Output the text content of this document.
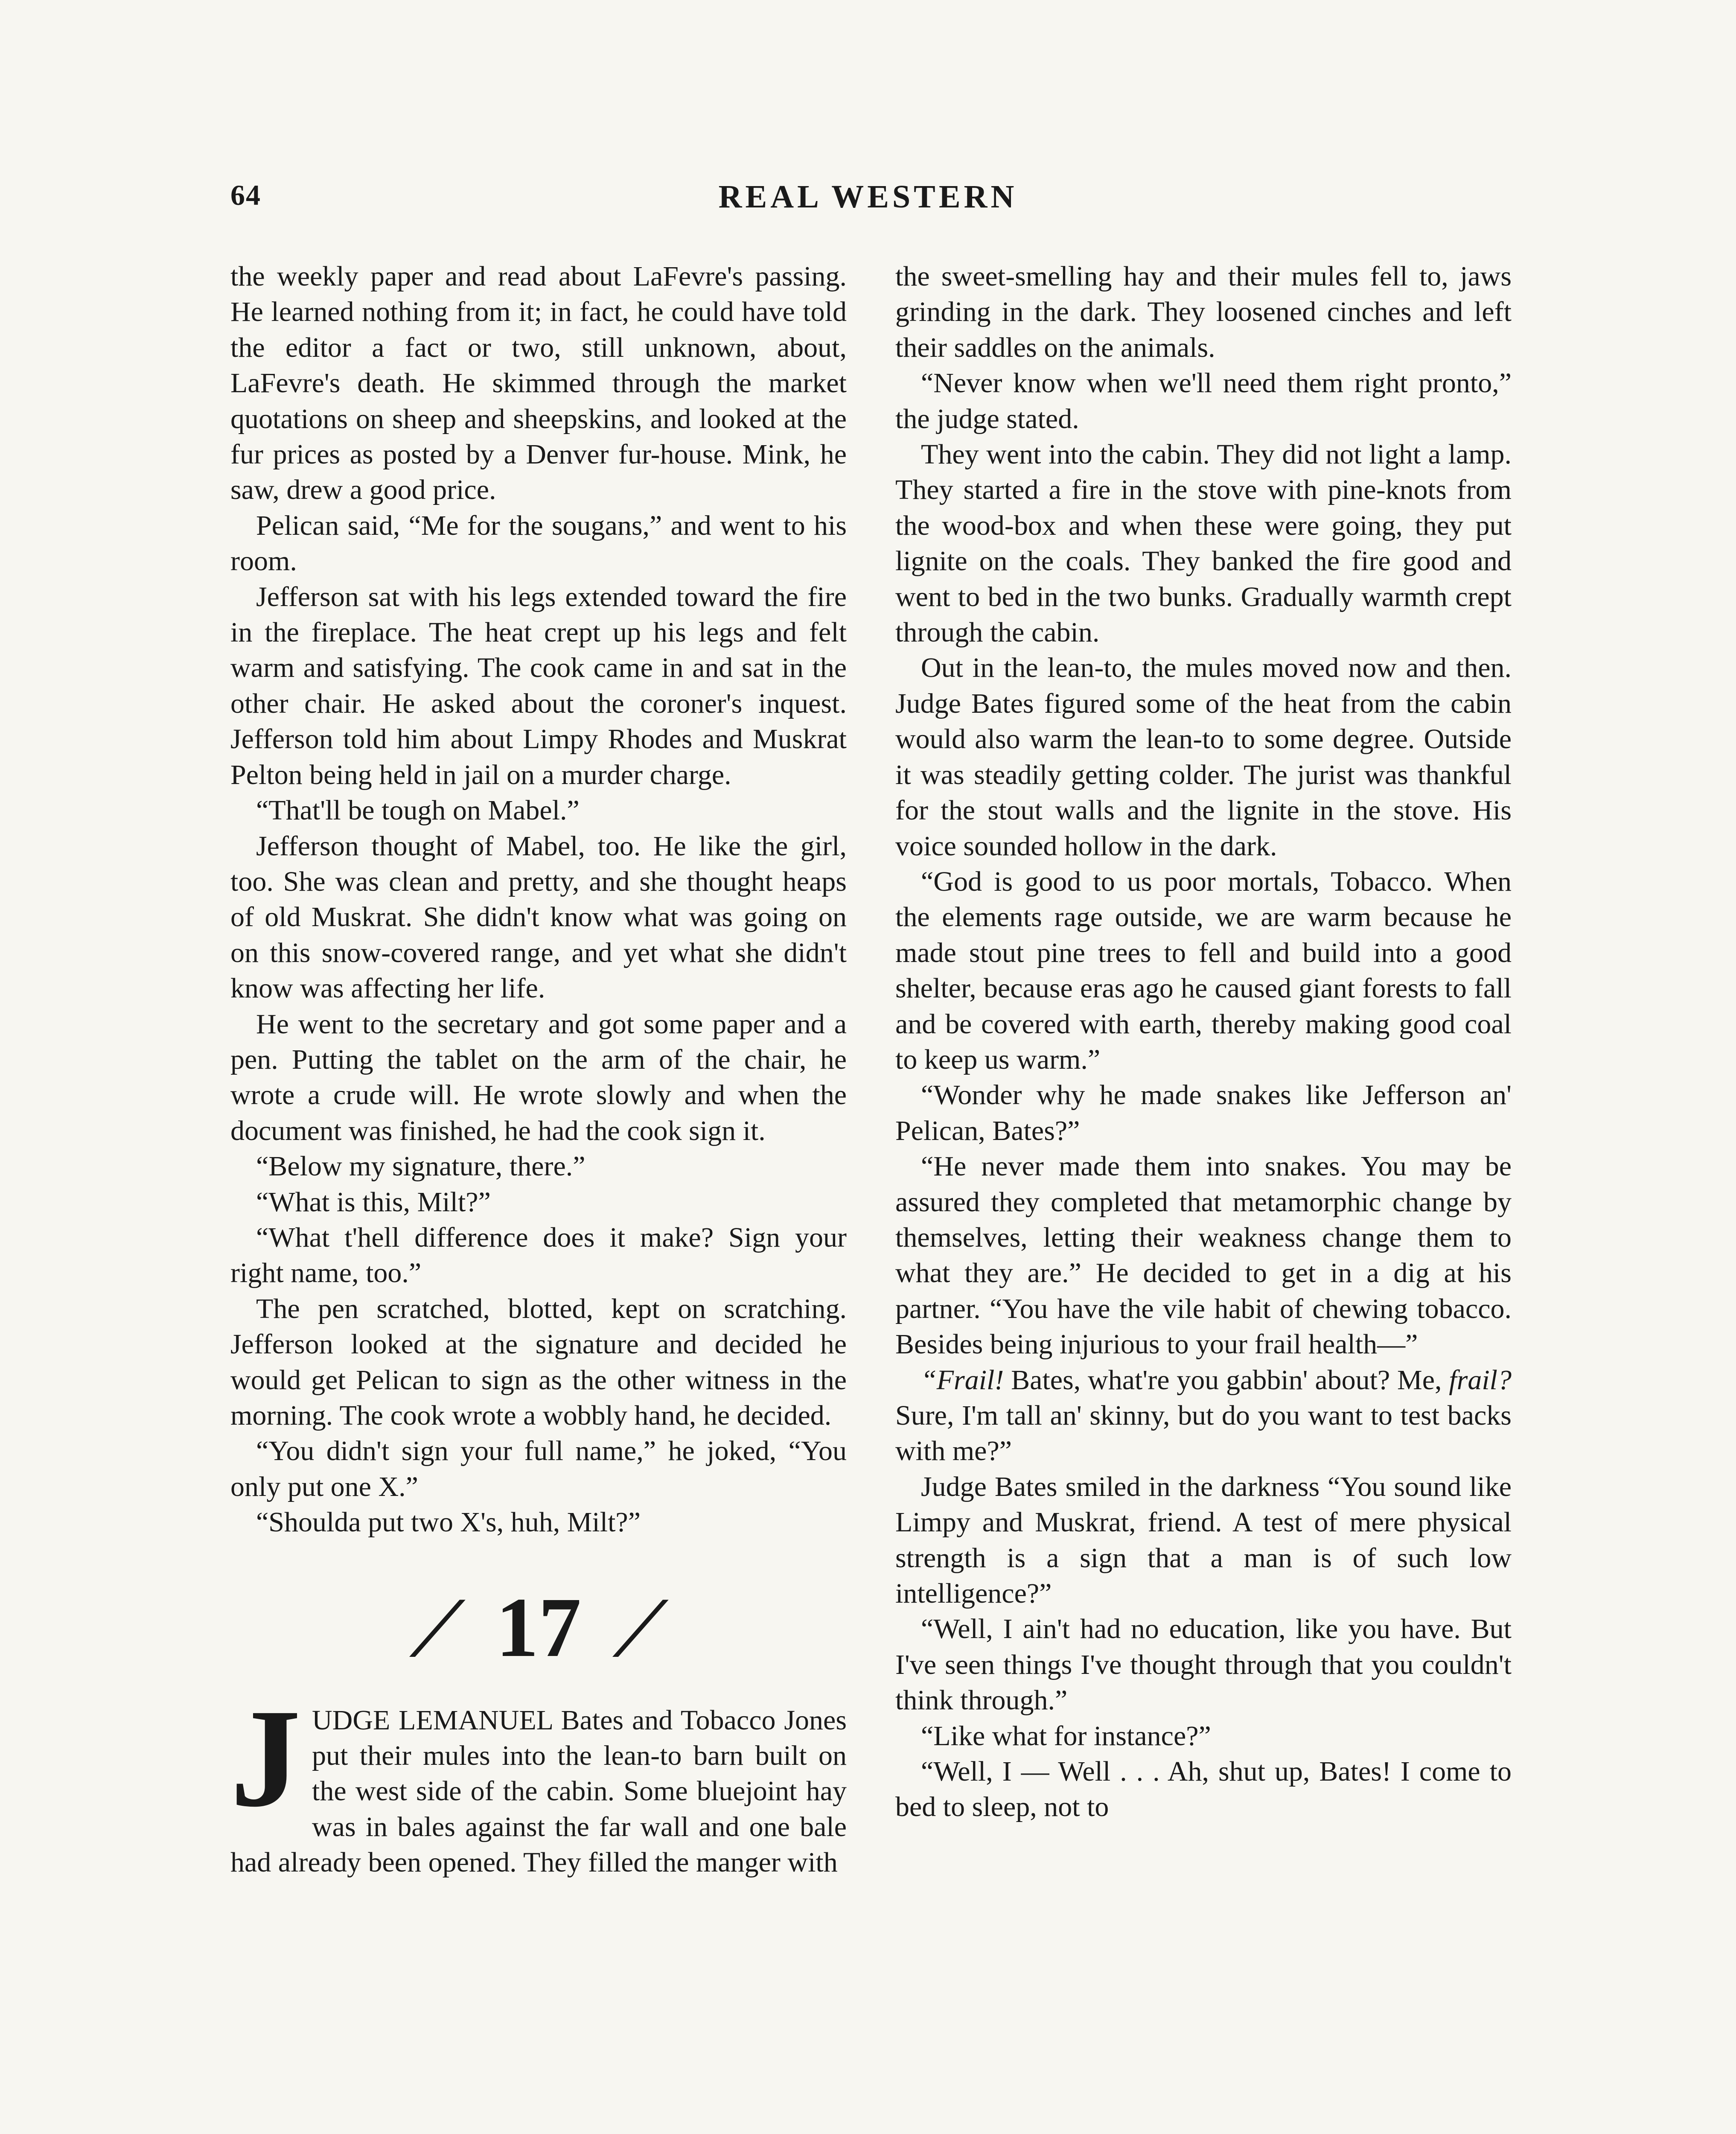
64	REAL WESTERN

the weekly paper and read about LaFevre's passing. He learned nothing from it; in fact, he could have told the editor a fact or two, still unknown, about, LaFevre's death. He skimmed through the market quotations on sheep and sheepskins, and looked at the fur prices as posted by a Denver fur-house. Mink, he saw, drew a good price.

Pelican said, “Me for the sougans,” and went to his room.

Jefferson sat with his legs extended toward the fire in the fireplace. The heat crept up his legs and felt warm and satisfying. The cook came in and sat in the other chair. He asked about the coroner's inquest. Jefferson told him about Limpy Rhodes and Muskrat Pelton being held in jail on a murder charge.

“That'll be tough on Mabel.”

Jefferson thought of Mabel, too. He like the girl, too. She was clean and pretty, and she thought heaps of old Muskrat. She didn't know what was going on on this snow-covered range, and yet what she didn't know was affecting her life.

He went to the secretary and got some paper and a pen. Putting the tablet on the arm of the chair, he wrote a crude will. He wrote slowly and when the document was finished, he had the cook sign it.

“Below my signature, there.”

“What is this, Milt?”

“What t'hell difference does it make? Sign your right name, too.”

The pen scratched, blotted, kept on scratching. Jefferson looked at the signature and decided he would get Pelican to sign as the other witness in the morning. The cook wrote a wobbly hand, he decided.

“You didn't sign your full name,” he joked, “You only put one X.”

“Shoulda put two X's, huh, Milt?”

/ 17 /

JUDGE LEMANUEL Bates and Tobacco Jones put their mules into the lean-to barn built on the west side of the cabin. Some bluejoint hay was in bales against the far wall and one bale had already been opened. They filled the manger with

the sweet-smelling hay and their mules fell to, jaws grinding in the dark. They loosened cinches and left their saddles on the animals.

“Never know when we'll need them right pronto,” the judge stated.

They went into the cabin. They did not light a lamp. They started a fire in the stove with pine-knots from the wood-box and when these were going, they put lignite on the coals. They banked the fire good and went to bed in the two bunks. Gradually warmth crept through the cabin.

Out in the lean-to, the mules moved now and then. Judge Bates figured some of the heat from the cabin would also warm the lean-to to some degree. Outside it was steadily getting colder. The jurist was thankful for the stout walls and the lignite in the stove. His voice sounded hollow in the dark.

“God is good to us poor mortals, Tobacco. When the elements rage outside, we are warm because he made stout pine trees to fell and build into a good shelter, because eras ago he caused giant forests to fall and be covered with earth, thereby making good coal to keep us warm.”

“Wonder why he made snakes like Jefferson an' Pelican, Bates?”

“He never made them into snakes. You may be assured they completed that metamorphic change by themselves, letting their weakness change them to what they are.” He decided to get in a dig at his partner. “You have the vile habit of chewing tobacco. Besides being injurious to your frail health—”

“Frail! Bates, what're you gabbin' about? Me, frail? Sure, I'm tall an' skinny, but do you want to test backs with me?”

Judge Bates smiled in the darkness “You sound like Limpy and Muskrat, friend. A test of mere physical strength is a sign that a man is of such low intelligence?”

“Well, I ain't had no education, like you have. But I've seen things I've thought through that you couldn't think through.”

“Like what for instance?”

“Well, I — Well . . . Ah, shut up, Bates! I come to bed to sleep, not to
